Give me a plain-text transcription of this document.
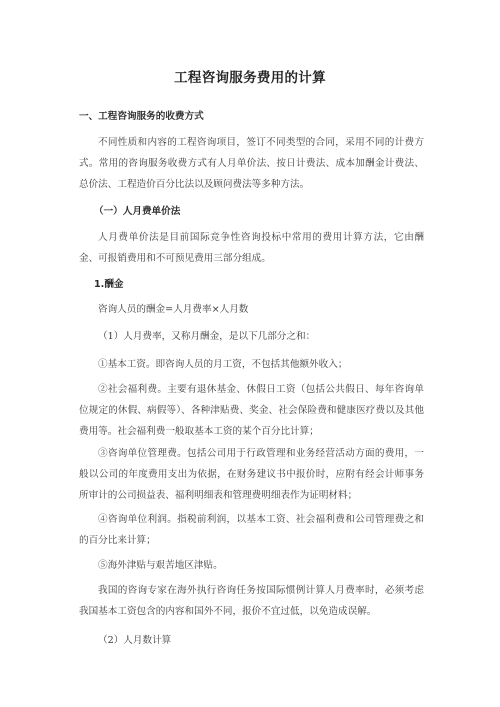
工程咨询服务费用的计算
一、工程咨询服务的收费方式
不同性质和内容的工程咨询项目，签订不同类型的合同，采用不同的计费方式。常用的咨询服务收费方式有人月单价法、按日计费法、成本加酬金计费法、总价法、工程造价百分比法以及顾问费法等多种方法。
（一）人月费单价法
人月费单价法是目前国际竞争性咨询投标中常用的费用计算方法，它由酬金、可报销费用和不可预见费用三部分组成。
1.酬金
咨询人员的酬金=人月费率×人月数
（1）人月费率，又称月酬金，是以下几部分之和：
①基本工资。即咨询人员的月工资，不包括其他额外收入；
②社会福利费。主要有退休基金、休假日工资（包括公共假日、每年咨询单位规定的休假、病假等）、各种津贴费、奖金、社会保险费和健康医疗费以及其他费用等。社会福利费一般取基本工资的某个百分比计算；
③咨询单位管理费。包括公司用于行政管理和业务经营活动方面的费用，一般以公司的年度费用支出为依据，在财务建议书中报价时，应附有经会计师事务所审计的公司损益表、福利明细表和管理费明细表作为证明材料；
④咨询单位利润。指税前利润，以基本工资、社会福利费和公司管理费之和的百分比来计算；
⑤海外津贴与艰苦地区津贴。
我国的咨询专家在海外执行咨询任务按国际惯例计算人月费率时，必须考虑我国基本工资包含的内容和国外不同，报价不宜过低，以免造成误解。
（2）人月数计算
